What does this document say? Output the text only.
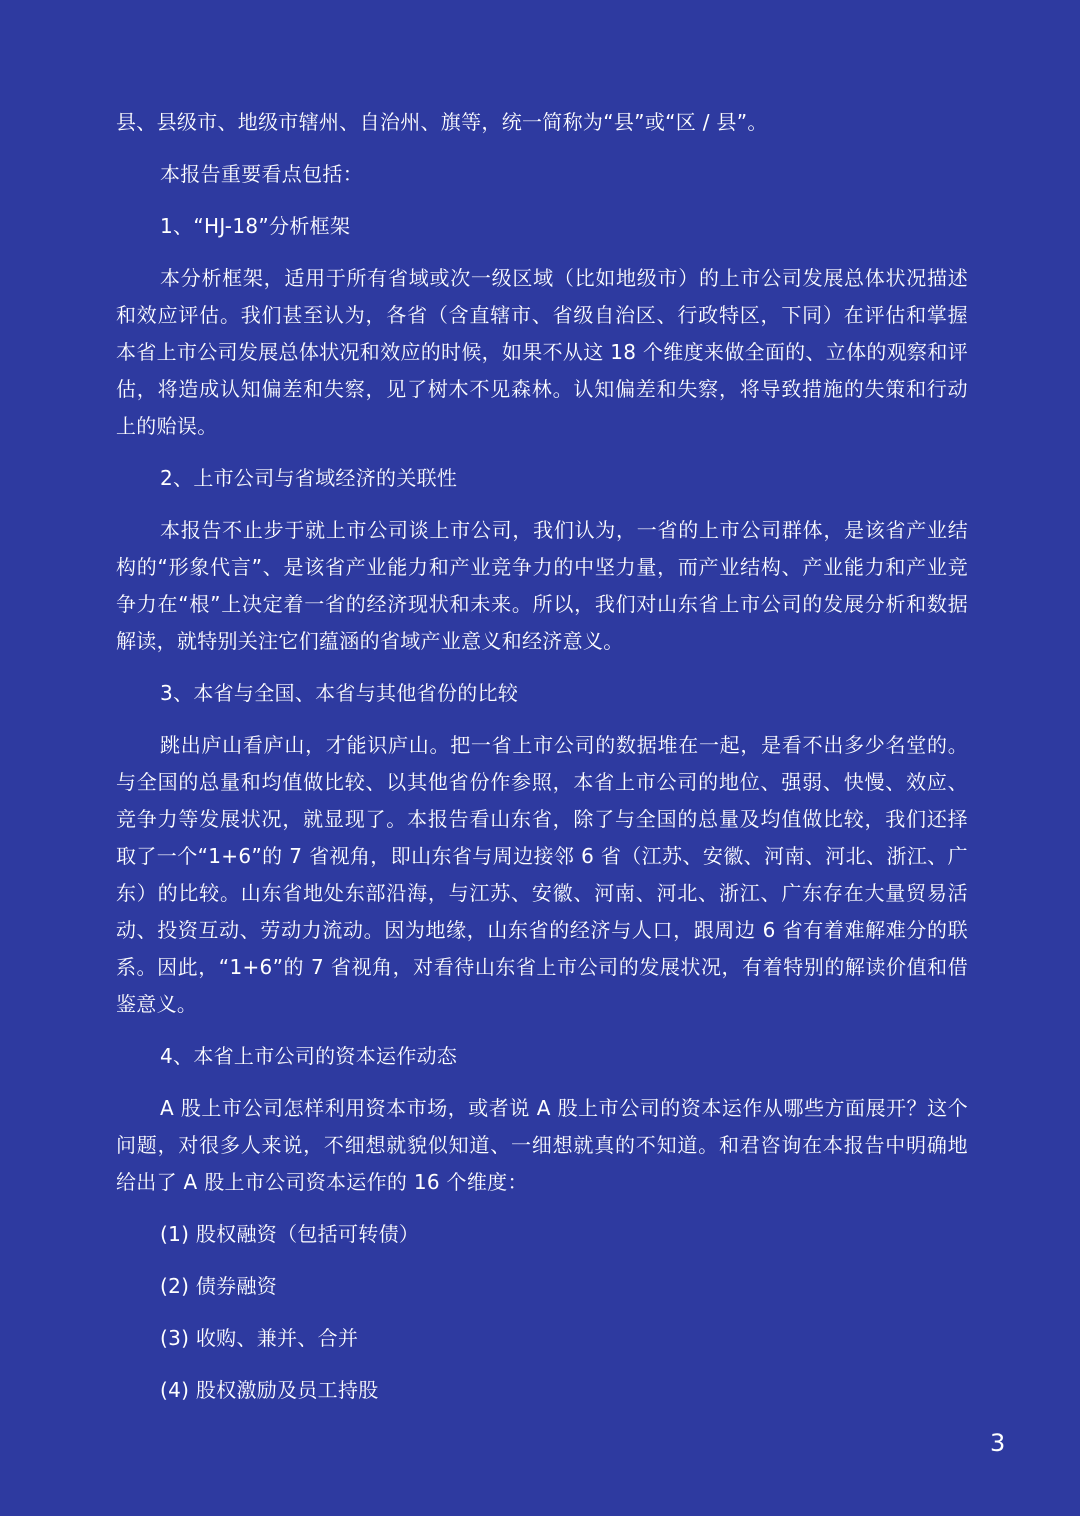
县、县级市、地级市辖州、自治州、旗等，统一简称为“县”或“区 / 县”。

本报告重要看点包括：

1、“HJ-18”分析框架

本分析框架，适用于所有省域或次一级区域（比如地级市）的上市公司发展总体状况描述和效应评估。我们甚至认为，各省（含直辖市、省级自治区、行政特区，下同）在评估和掌握本省上市公司发展总体状况和效应的时候，如果不从这 18 个维度来做全面的、立体的观察和评估，将造成认知偏差和失察，见了树木不见森林。认知偏差和失察，将导致措施的失策和行动上的贻误。

2、上市公司与省域经济的关联性

本报告不止步于就上市公司谈上市公司，我们认为，一省的上市公司群体，是该省产业结构的“形象代言”、是该省产业能力和产业竞争力的中坚力量，而产业结构、产业能力和产业竞争力在“根”上决定着一省的经济现状和未来。所以，我们对山东省上市公司的发展分析和数据解读，就特别关注它们蕴涵的省域产业意义和经济意义。

3、本省与全国、本省与其他省份的比较

跳出庐山看庐山，才能识庐山。把一省上市公司的数据堆在一起，是看不出多少名堂的。与全国的总量和均值做比较、以其他省份作参照，本省上市公司的地位、强弱、快慢、效应、竞争力等发展状况，就显现了。本报告看山东省，除了与全国的总量及均值做比较，我们还择取了一个“1+6”的 7 省视角，即山东省与周边接邻 6 省（江苏、安徽、河南、河北、浙江、广东）的比较。山东省地处东部沿海，与江苏、安徽、河南、河北、浙江、广东存在大量贸易活动、投资互动、劳动力流动。因为地缘，山东省的经济与人口，跟周边 6 省有着难解难分的联系。因此，“1+6”的 7 省视角，对看待山东省上市公司的发展状况，有着特别的解读价值和借鉴意义。

4、本省上市公司的资本运作动态

A 股上市公司怎样利用资本市场，或者说 A 股上市公司的资本运作从哪些方面展开？这个问题，对很多人来说，不细想就貌似知道、一细想就真的不知道。和君咨询在本报告中明确地给出了 A 股上市公司资本运作的 16 个维度：

(1) 股权融资（包括可转债）

(2) 债券融资

(3) 收购、兼并、合并

(4) 股权激励及员工持股

3
